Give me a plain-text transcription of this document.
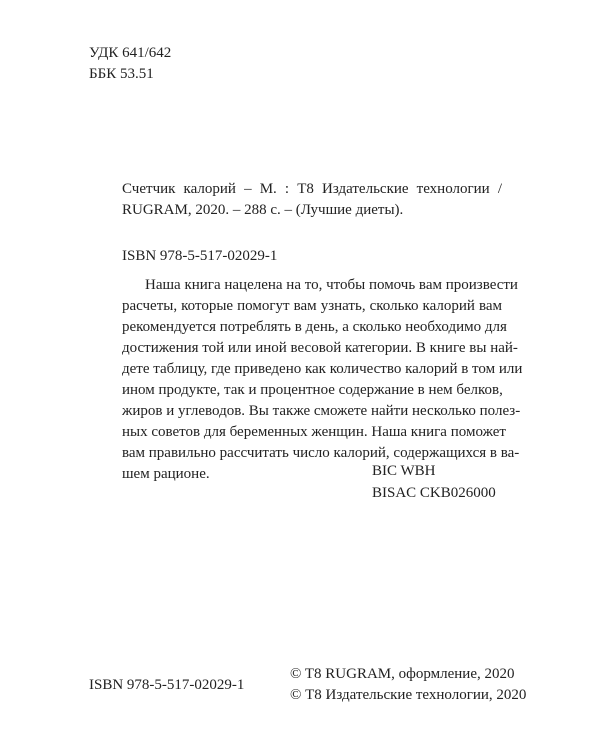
УДК 641/642
ББК 53.51
Счетчик калорий – М. : Т8 Издательские технологии /
RUGRAM, 2020. – 288 с. – (Лучшие диеты).
ISBN 978-5-517-02029-1
Наша книга нацелена на то, чтобы помочь вам произвести
расчеты, которые помогут вам узнать, сколько калорий вам
рекомендуется потреблять в день, а сколько необходимо для
достижения той или иной весовой категории. В книге вы най-
дете таблицу, где приведено как количество калорий в том или
ином продукте, так и процентное содержание в нем белков,
жиров и углеводов. Вы также сможете найти несколько полез-
ных советов для беременных женщин. Наша книга поможет
вам правильно рассчитать число калорий, содержащихся в ва-
шем рационе.	BIC WBH
BISAC CKB026000
ISBN 978-5-517-02029-1
© T8 RUGRAM, оформление, 2020
© Т8 Издательские технологии, 2020
